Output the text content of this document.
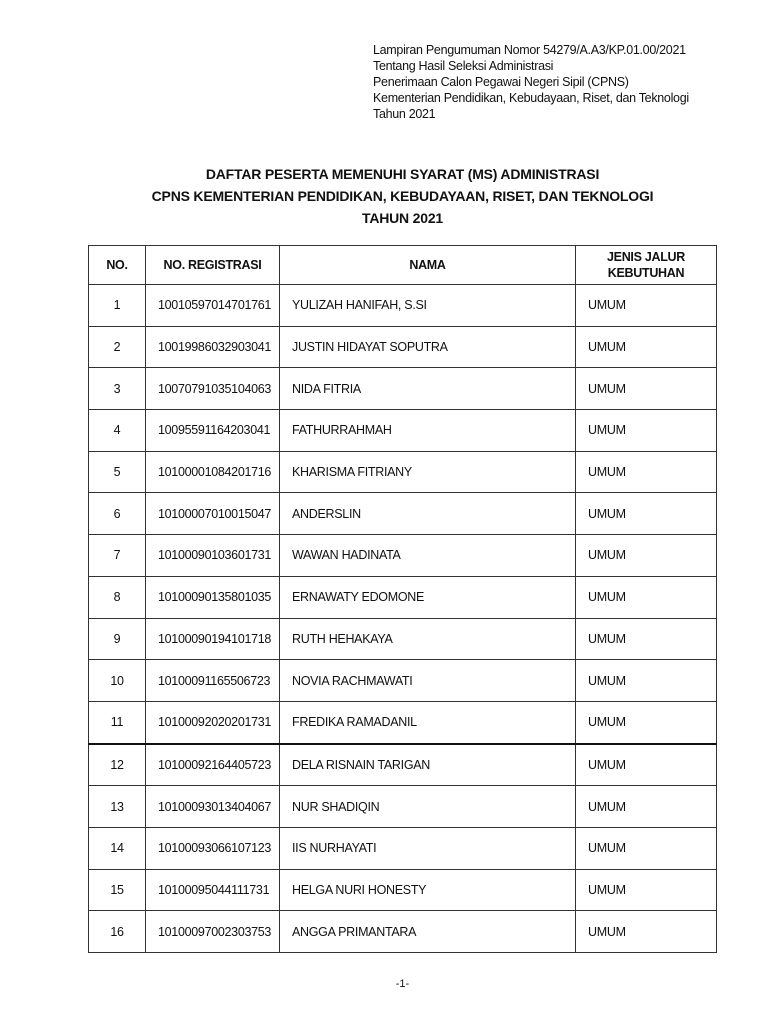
Lampiran Pengumuman Nomor 54279/A.A3/KP.01.00/2021
Tentang Hasil Seleksi Administrasi
Penerimaan Calon Pegawai Negeri Sipil (CPNS)
Kementerian Pendidikan, Kebudayaan, Riset, dan Teknologi
Tahun 2021
DAFTAR PESERTA MEMENUHI SYARAT (MS) ADMINISTRASI
CPNS KEMENTERIAN PENDIDIKAN, KEBUDAYAAN, RISET, DAN TEKNOLOGI
TAHUN 2021
NO.	NO. REGISTRASI	NAMA	JENIS JALUR
KEBUTUHAN

1	10010597014701761	YULIZAH HANIFAH, S.SI	UMUM
2	10019986032903041	JUSTIN HIDAYAT SOPUTRA	UMUM
3	10070791035104063	NIDA FITRIA	UMUM
4	10095591164203041	FATHURRAHMAH	UMUM
5	10100001084201716	KHARISMA FITRIANY	UMUM
6	10100007010015047	ANDERSLIN	UMUM
7	10100090103601731	WAWAN HADINATA	UMUM
8	10100090135801035	ERNAWATY EDOMONE	UMUM
9	10100090194101718	RUTH HEHAKAYA	UMUM
10	10100091165506723	NOVIA RACHMAWATI	UMUM
11	10100092020201731	FREDIKA RAMADANIL	UMUM
12	10100092164405723	DELA RISNAIN TARIGAN	UMUM
13	10100093013404067	NUR SHADIQIN	UMUM
14	10100093066107123	IIS NURHAYATI	UMUM
15	10100095044111731	HELGA NURI HONESTY	UMUM
16	10100097002303753	ANGGA PRIMANTARA	UMUM
-1-
